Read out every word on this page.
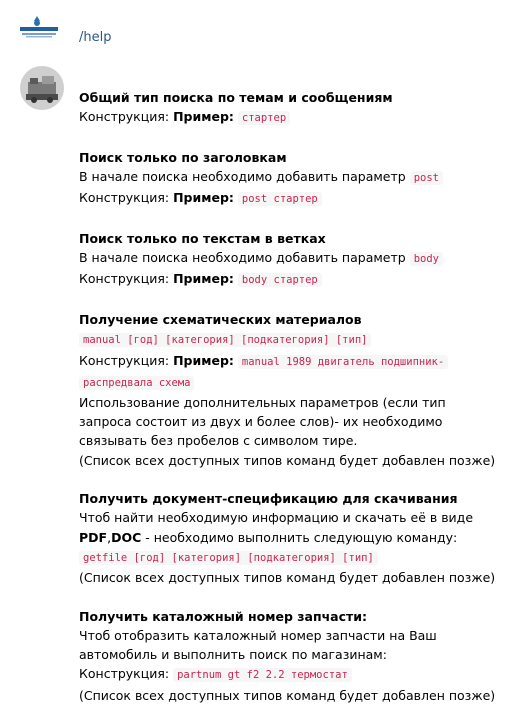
/help
Общий тип поиска по темам и сообщениям
Конструкция: Пример: стартер
Поиск только по заголовкам
В начале поиска необходимо добавить параметр post
Конструкция: Пример: post стартер
Поиск только по текстам в ветках
В начале поиска необходимо добавить параметр body
Конструкция: Пример: body стартер
Получение схематических материалов
manual [год] [категория] [подкатегория] [тип]
Конструкция: Пример: manual 1989 двигатель подшипник-
распредвала схема
Использование дополнительных параметров (если тип
запроса состоит из двух и более слов)- их необходимо
связывать без пробелов с символом тире.
(Список всех доступных типов команд будет добавлен позже)
Получить документ-спецификацию для скачивания
Чтоб найти необходимую информацию и скачать её в виде
PDF,DOC - необходимо выполнить следующую команду:
getfile [год] [категория] [подкатегория] [тип]
(Список всех доступных типов команд будет добавлен позже)
Получить каталожный номер запчасти:
Чтоб отобразить каталожный номер запчасти на Ваш
автомобиль и выполнить поиск по магазинам:
Конструкция: partnum gt f2 2.2 термостат
(Список всех доступных типов команд будет добавлен позже)
